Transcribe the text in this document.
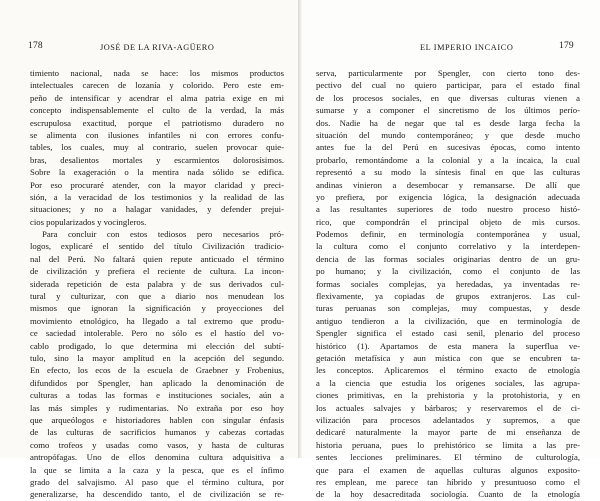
178	JOSÉ DE LA RIVA-AGÜERO
timiento nacional, nada se hace: los mismos productos
intelectuales carecen de lozanía y colorido. Pero este em-
peño de intensificar y acendrar el alma patria exige en mi
concepto indispensablemente el culto de la verdad, la más
escrupulosa exactitud, porque el patriotismo duradero no
se alimenta con ilusiones infantiles ni con errores confu-
tables, los cuales, muy al contrario, suelen provocar quie-
bras, desalientos mortales y escarmientos dolorosísimos.
Sobre la exageración o la mentira nada sólido se edifica.
Por eso procuraré atender, con la mayor claridad y preci-
sión, a la veracidad de los testimonios y la realidad de las
situaciones; y no a halagar vanidades, y defender prejui-
cios popularizados y vocingleros.
Para concluir con estos tediosos pero necesarios pró-
logos, explicaré el sentido del título Civilización tradicio-
nal del Perú. No faltará quien repute anticuado el término
de civilización y prefiera el reciente de cultura. La incon-
siderada repetición de esta palabra y de sus derivados cul-
tural y culturizar, con que a diario nos menudean los
mismos que ignoran la significación y proyecciones del
movimiento etnológico, ha llegado a tal extremo que produ-
ce saciedad intolerable. Pero no sólo es el hastío del vo-
cablo prodigado, lo que determina mi elección del subtí-
tulo, sino la mayor amplitud en la acepción del segundo.
En efecto, los ecos de la escuela de Graebner y Frobenius,
difundidos por Spengler, han aplicado la denominación de
culturas a todas las formas e instituciones sociales, aún a
las más simples y rudimentarias. No extraña por eso hoy
que arqueólogos e historiadores hablen con singular énfasis
de las culturas de sacrificios humanos y cabezas cortadas
como trofeos y usadas como vasos, y hasta de culturas
antropófagas. Uno de ellos denomina cultura adquisitiva a
la que se limita a la caza y la pesca, que es el ínfimo
grado del salvajismo. Al paso que el término cultura, por
generalizarse, ha descendido tanto, el de civilización se re-
EL IMPERIO INCAICO	179
serva, particularmente por Spengler, con cierto tono des-
pectivo del cual no quiero participar, para el estado final
de los procesos sociales, en que diversas culturas vienen a
sumarse y a componer el sincretismo de los últimos perío-
dos. Nadie ha de negar que tal es desde larga fecha la
situación del mundo contemporáneo; y que desde mucho
antes fue la del Perú en sucesivas épocas, como intento
probarlo, remontándome a la colonial y a la incaica, la cual
representó a su modo la síntesis final en que las culturas
andinas vinieron a desembocar y remansarse. De allí que
yo prefiera, por exigencia lógica, la designación adecuada
a las resultantes superiores de todo nuestro proceso histó-
rico, que compondrán el principal objeto de mis cursos.
Podemos definir, en terminología contemporánea y usual,
la cultura como el conjunto correlativo y la interdepen-
dencia de las formas sociales originarias dentro de un gru-
po humano; y la civilización, como el conjunto de las
formas sociales complejas, ya heredadas, ya inventadas re-
flexivamente, ya copiadas de grupos extranjeros. Las cul-
turas peruanas son complejas, muy compuestas, y desde
antiguo tendieron a la civilización, que en terminología de
Spengler significa el estado casi senil, plenario del proceso
histórico (1). Apartamos de esta manera la superflua ve-
getación metafísica y aun mística con que se encubren ta-
les conceptos. Aplicaremos el término exacto de etnología
a la ciencia que estudia los orígenes sociales, las agrupa-
ciones primitivas, en la prehistoria y la protohistoria, y en
los actuales salvajes y bárbaros; y reservaremos el de ci-
vilización para procesos adelantados y supremos, a que
dedicaré naturalmente la mayor parte de mi enseñanza de
historia peruana, pues lo prehistórico se limita a las pre-
sentes lecciones preliminares. El término de culturología,
que para el examen de aquellas culturas algunos exposito-
res emplean, me parece tan híbrido y presuntuoso como el
de la hoy desacreditada sociología. Cuanto de la etnología
